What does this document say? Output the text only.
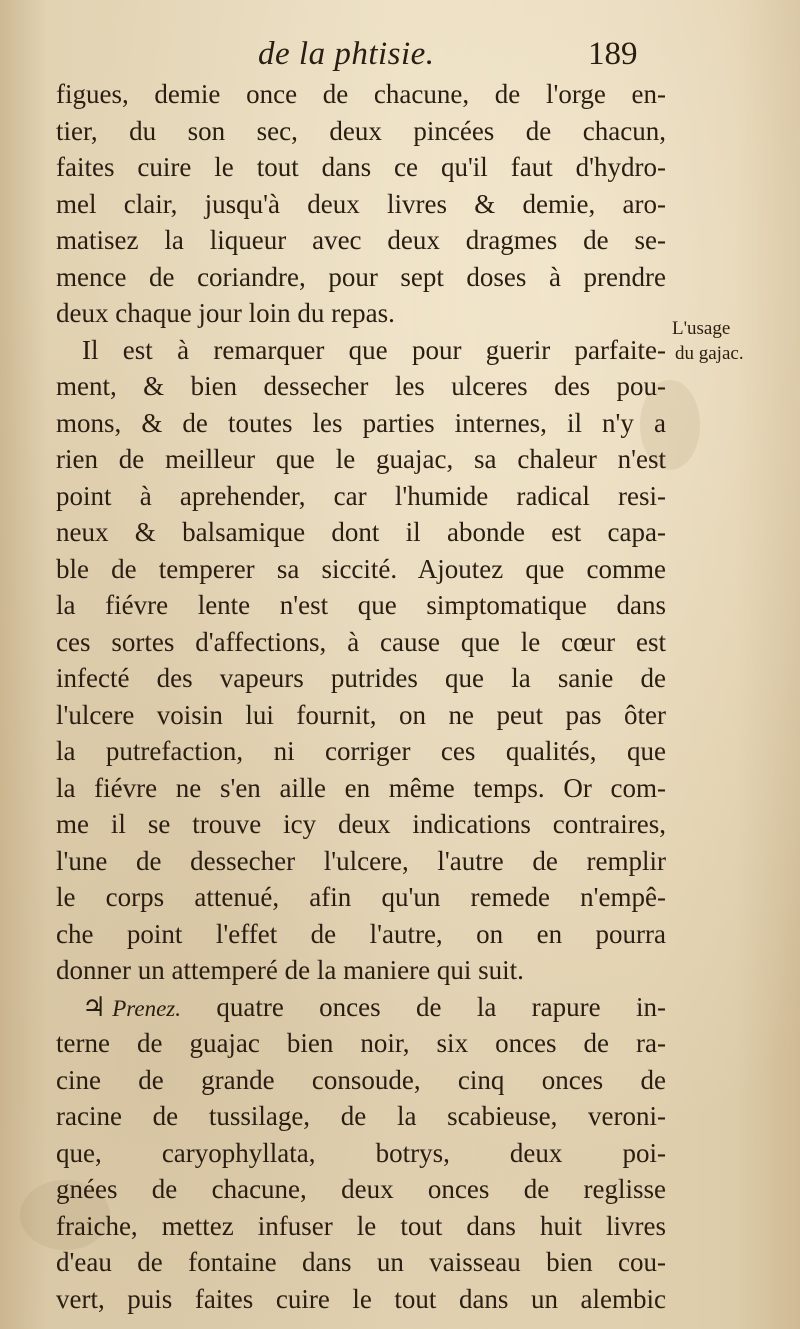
de la phtisie.	189
L'usage
du gajac.
figues, demie once de chacune, de l'orge en-
tier, du son sec, deux pincées de chacun,
faites cuire le tout dans ce qu'il faut d'hydro-
mel clair, jusqu'à deux livres & demie, aro-
matisez la liqueur avec deux dragmes de se-
mence de coriandre, pour sept doses à prendre
deux chaque jour loin du repas.
Il est à remarquer que pour guerir parfaite-
ment, & bien dessecher les ulceres des pou-
mons, & de toutes les parties internes, il n'y a
rien de meilleur que le guajac, sa chaleur n'est
point à aprehender, car l'humide radical resi-
neux & balsamique dont il abonde est capa-
ble de temperer sa siccité. Ajoutez que comme
la fiévre lente n'est que simptomatique dans
ces sortes d'affections, à cause que le cœur est
infecté des vapeurs putrides que la sanie de
l'ulcere voisin lui fournit, on ne peut pas ôter
la putrefaction, ni corriger ces qualités, que
la fiévre ne s'en aille en même temps. Or com-
me il se trouve icy deux indications contraires,
l'une de dessecher l'ulcere, l'autre de remplir
le corps attenué, afin qu'un remede n'empê-
che point l'effet de l'autre, on en pourra
donner un attemperé de la maniere qui suit.
♃ Prenez. quatre onces de la rapure in-
terne de guajac bien noir, six onces de ra-
cine de grande consoude, cinq onces de
racine de tussilage, de la scabieuse, veroni-
que, caryophyllata, botrys, deux poi-
gnées de chacune, deux onces de reglisse
fraiche, mettez infuser le tout dans huit livres
d'eau de fontaine dans un vaisseau bien cou-
vert, puis faites cuire le tout dans un alembic
